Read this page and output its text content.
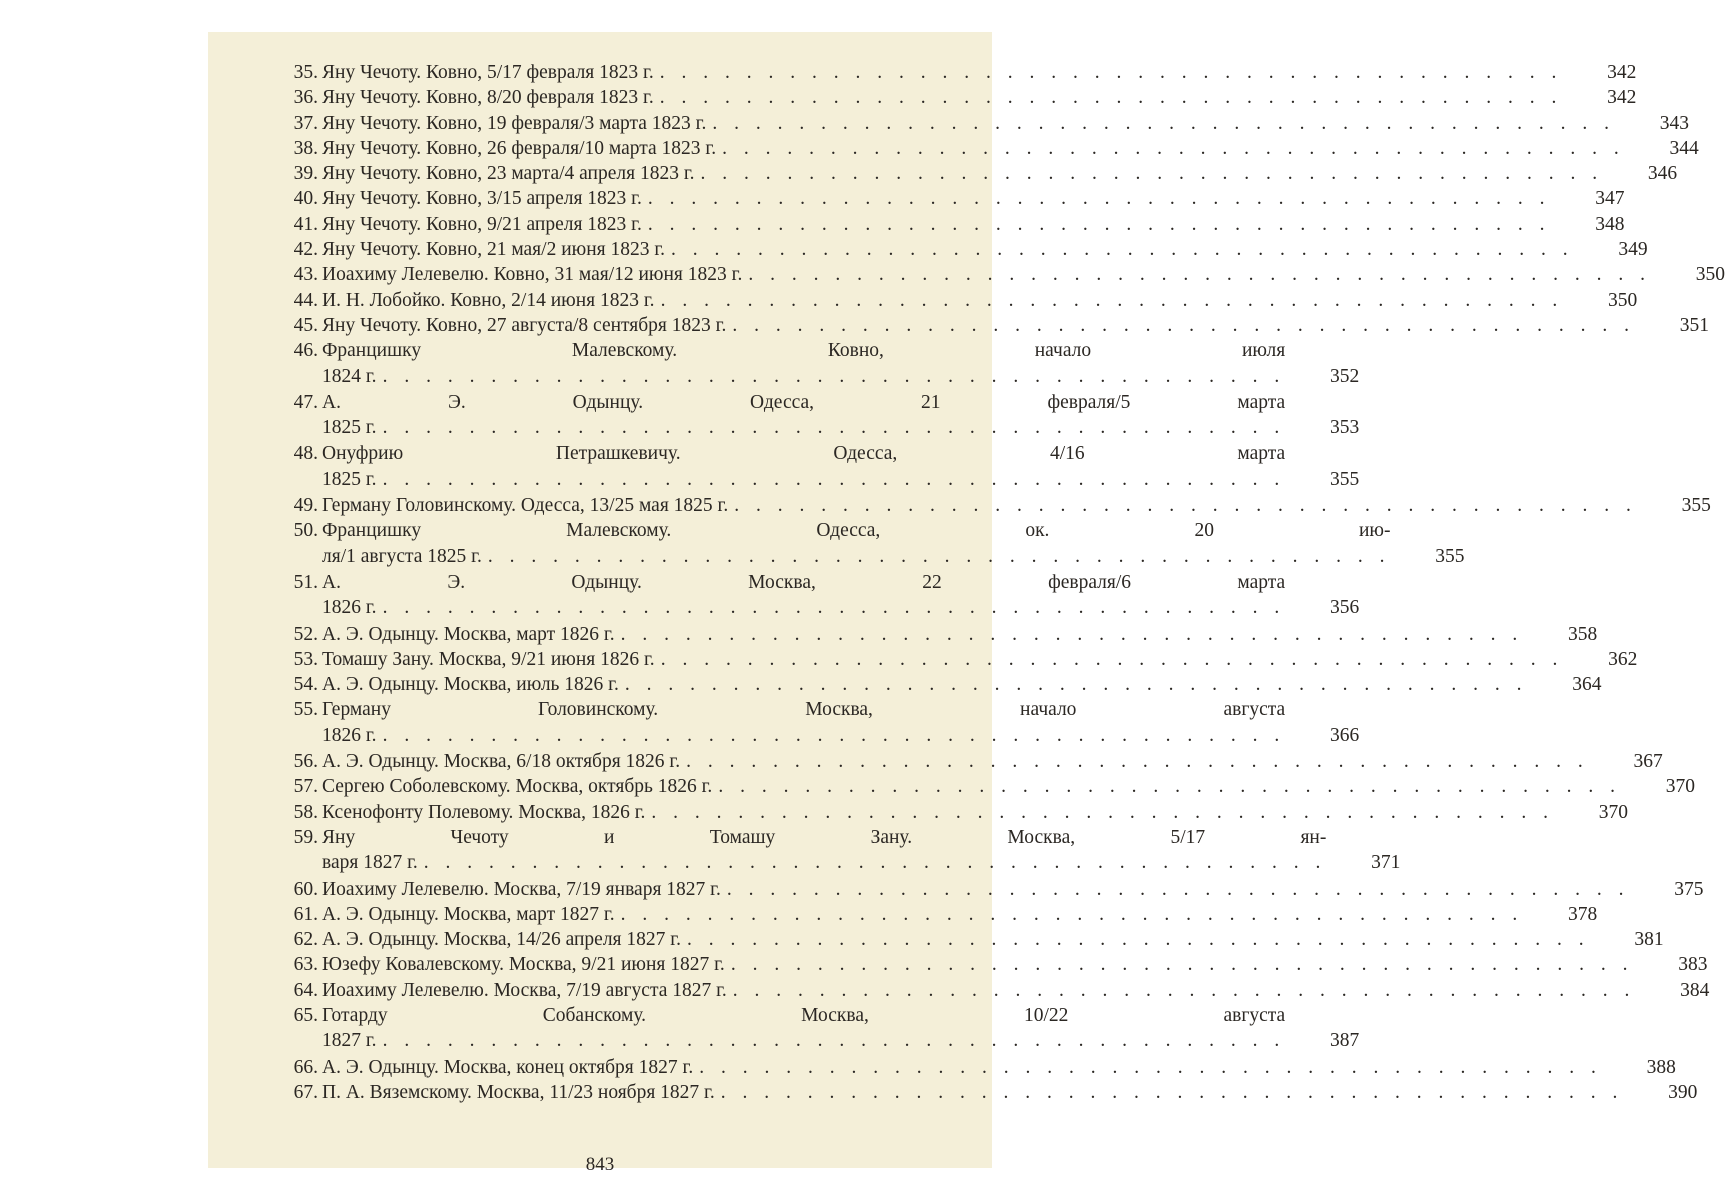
35. Яну Чечоту. Ковно, 5/17 февраля 1823 г. . . . . . . . . . . . . . . . . . . . . . . . . . . . . . . . . . . . . . . . . . .	342
36. Яну Чечоту. Ковно, 8/20 февраля 1823 г. . . . . . . . . . . . . . . . . . . . . . . . . . . . . . . . . . . . . . . . . . .	342
37. Яну Чечоту. Ковно, 19 февраля/3 марта 1823 г. . . . . . . . . . . . . . . . . . . . . . . . . . . . . . . . . . . . . . . . . . .	343
38. Яну Чечоту. Ковно, 26 февраля/10 марта 1823 г. . . . . . . . . . . . . . . . . . . . . . . . . . . . . . . . . . . . . . . . . . .	344
39. Яну Чечоту. Ковно, 23 марта/4 апреля 1823 г. . . . . . . . . . . . . . . . . . . . . . . . . . . . . . . . . . . . . . . . . . .	346
40. Яну Чечоту. Ковно, 3/15 апреля 1823 г. . . . . . . . . . . . . . . . . . . . . . . . . . . . . . . . . . . . . . . . . . .	347
41. Яну Чечоту. Ковно, 9/21 апреля 1823 г. . . . . . . . . . . . . . . . . . . . . . . . . . . . . . . . . . . . . . . . . . .	348
42. Яну Чечоту. Ковно, 21 мая/2 июня 1823 г. . . . . . . . . . . . . . . . . . . . . . . . . . . . . . . . . . . . . . . . . . .	349
43. Иоахиму Лелевелю. Ковно, 31 мая/12 июня 1823 г. . . . . . . . . . . . . . . . . . . . . . . . . . . . . . . . . . . . . . . . . . .	350
44. И. Н. Лобойко. Ковно, 2/14 июня 1823 г. . . . . . . . . . . . . . . . . . . . . . . . . . . . . . . . . . . . . . . . . . .	350
45. Яну Чечоту. Ковно, 27 августа/8 сентября 1823 г. . . . . . . . . . . . . . . . . . . . . . . . . . . . . . . . . . . . . . . . . . .	351
46. Францишку Малевскому. Ковно, начало июля
1824 г. . . . . . . . . . . . . . . . . . . . . . . . . . . . . . . . . . . . . . . . . . .	352
47. А. Э. Одынцу. Одесса, 21 февраля/5 марта
1825 г. . . . . . . . . . . . . . . . . . . . . . . . . . . . . . . . . . . . . . . . . . .	353
48. Онуфрию Петрашкевичу. Одесса, 4/16 марта
1825 г. . . . . . . . . . . . . . . . . . . . . . . . . . . . . . . . . . . . . . . . . . .	355
49. Герману Головинскому. Одесса, 13/25 мая 1825 г. . . . . . . . . . . . . . . . . . . . . . . . . . . . . . . . . . . . . . . . . . .	355
50. Францишку Малевскому. Одесса, ок. 20 ию-
ля/1 августа 1825 г. . . . . . . . . . . . . . . . . . . . . . . . . . . . . . . . . . . . . . . . . . .	355
51. А. Э. Одынцу. Москва, 22 февраля/6 марта
1826 г. . . . . . . . . . . . . . . . . . . . . . . . . . . . . . . . . . . . . . . . . . .	356
52. А. Э. Одынцу. Москва, март 1826 г. . . . . . . . . . . . . . . . . . . . . . . . . . . . . . . . . . . . . . . . . . .	358
53. Томашу Зану. Москва, 9/21 июня 1826 г. . . . . . . . . . . . . . . . . . . . . . . . . . . . . . . . . . . . . . . . . . .	362
54. А. Э. Одынцу. Москва, июль 1826 г. . . . . . . . . . . . . . . . . . . . . . . . . . . . . . . . . . . . . . . . . . .	364
55. Герману Головинскому. Москва, начало августа
1826 г. . . . . . . . . . . . . . . . . . . . . . . . . . . . . . . . . . . . . . . . . . .	366
56. А. Э. Одынцу. Москва, 6/18 октября 1826 г. . . . . . . . . . . . . . . . . . . . . . . . . . . . . . . . . . . . . . . . . . .	367
57. Сергею Соболевскому. Москва, октябрь 1826 г. . . . . . . . . . . . . . . . . . . . . . . . . . . . . . . . . . . . . . . . . . .	370
58. Ксенофонту Полевому. Москва, 1826 г. . . . . . . . . . . . . . . . . . . . . . . . . . . . . . . . . . . . . . . . . . .	370
59. Яну Чечоту и Томашу Зану. Москва, 5/17 ян-
варя 1827 г. . . . . . . . . . . . . . . . . . . . . . . . . . . . . . . . . . . . . . . . . . .	371
60. Иоахиму Лелевелю. Москва, 7/19 января 1827 г. . . . . . . . . . . . . . . . . . . . . . . . . . . . . . . . . . . . . . . . . . .	375
61. А. Э. Одынцу. Москва, март 1827 г. . . . . . . . . . . . . . . . . . . . . . . . . . . . . . . . . . . . . . . . . . .	378
62. А. Э. Одынцу. Москва, 14/26 апреля 1827 г. . . . . . . . . . . . . . . . . . . . . . . . . . . . . . . . . . . . . . . . . . .	381
63. Юзефу Ковалевскому. Москва, 9/21 июня 1827 г. . . . . . . . . . . . . . . . . . . . . . . . . . . . . . . . . . . . . . . . . . .	383
64. Иоахиму Лелевелю. Москва, 7/19 августа 1827 г. . . . . . . . . . . . . . . . . . . . . . . . . . . . . . . . . . . . . . . . . . .	384
65. Готарду Собанскому. Москва, 10/22 августа
1827 г. . . . . . . . . . . . . . . . . . . . . . . . . . . . . . . . . . . . . . . . . . .	387
66. А. Э. Одынцу. Москва, конец октября 1827 г. . . . . . . . . . . . . . . . . . . . . . . . . . . . . . . . . . . . . . . . . . .	388
67. П. А. Вяземскому. Москва, 11/23 ноября 1827 г. . . . . . . . . . . . . . . . . . . . . . . . . . . . . . . . . . . . . . . . . . .	390
843
